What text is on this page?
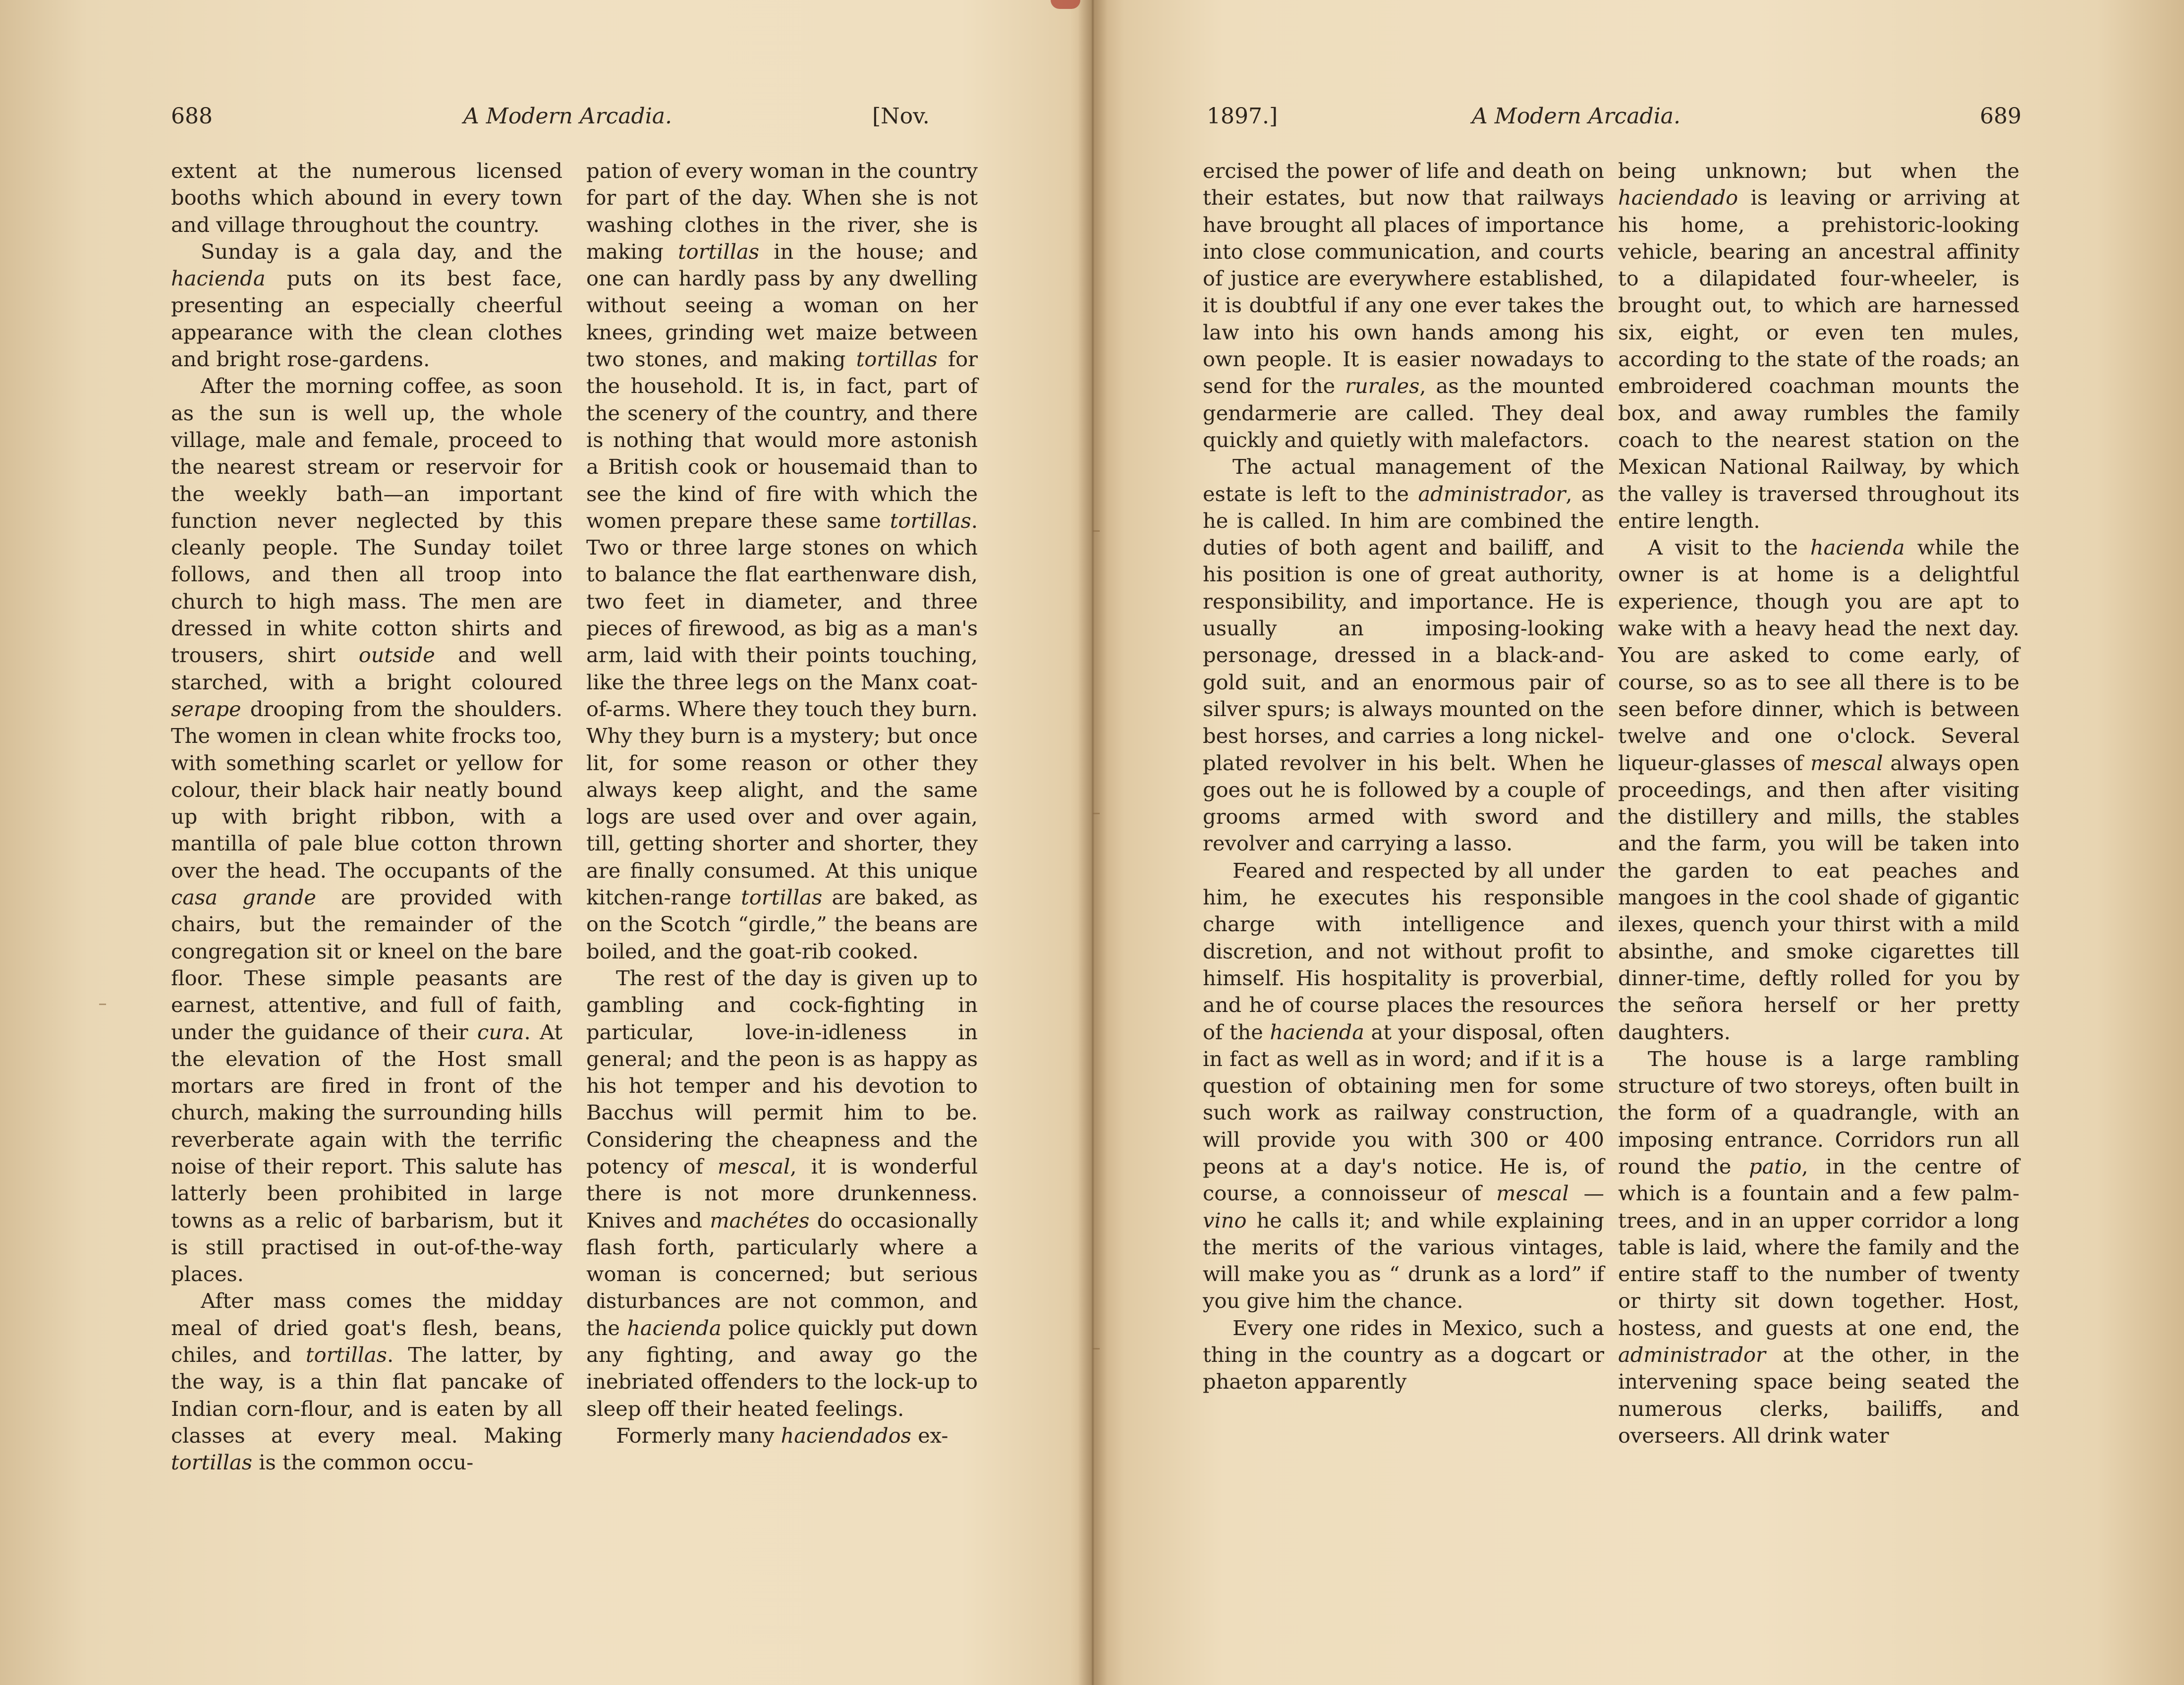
688	A Modern Arcadia.	[Nov.

extent at the numerous licensed booths which abound in every town and village throughout the country.

Sunday is a gala day, and the hacienda puts on its best face, presenting an especially cheerful appearance with the clean clothes and bright rose-gardens.

After the morning coffee, as soon as the sun is well up, the whole village, male and female, proceed to the nearest stream or reservoir for the weekly bath—an important function never neglected by this cleanly people. The Sunday toilet follows, and then all troop into church to high mass. The men are dressed in white cotton shirts and trousers, shirt outside and well starched, with a bright coloured serape drooping from the shoulders. The women in clean white frocks too, with something scarlet or yellow for colour, their black hair neatly bound up with bright ribbon, with a mantilla of pale blue cotton thrown over the head. The occupants of the casa grande are provided with chairs, but the remainder of the congregation sit or kneel on the bare floor. These simple peasants are earnest, attentive, and full of faith, under the guidance of their cura. At the elevation of the Host small mortars are fired in front of the church, making the surrounding hills reverberate again with the terrific noise of their report. This salute has latterly been prohibited in large towns as a relic of barbarism, but it is still practised in out-of-the-way places.

After mass comes the midday meal of dried goat's flesh, beans, chiles, and tortillas. The latter, by the way, is a thin flat pancake of Indian corn-flour, and is eaten by all classes at every meal. Making tortillas is the common occu-

pation of every woman in the country for part of the day. When she is not washing clothes in the river, she is making tortillas in the house; and one can hardly pass by any dwelling without seeing a woman on her knees, grinding wet maize between two stones, and making tortillas for the household. It is, in fact, part of the scenery of the country, and there is nothing that would more astonish a British cook or housemaid than to see the kind of fire with which the women prepare these same tortillas. Two or three large stones on which to balance the flat earthenware dish, two feet in diameter, and three pieces of firewood, as big as a man's arm, laid with their points touching, like the three legs on the Manx coat-of-arms. Where they touch they burn. Why they burn is a mystery; but once lit, for some reason or other they always keep alight, and the same logs are used over and over again, till, getting shorter and shorter, they are finally consumed. At this unique kitchen-range tortillas are baked, as on the Scotch “girdle,” the beans are boiled, and the goat-rib cooked.

The rest of the day is given up to gambling and cock-fighting in particular, love-in-idleness in general; and the peon is as happy as his hot temper and his devotion to Bacchus will permit him to be. Considering the cheapness and the potency of mescal, it is wonderful there is not more drunkenness. Knives and machétes do occasionally flash forth, particularly where a woman is concerned; but serious disturbances are not common, and the hacienda police quickly put down any fighting, and away go the inebriated offenders to the lock-up to sleep off their heated feelings.

Formerly many haciendados ex-

1897.]	A Modern Arcadia.	689

ercised the power of life and death on their estates, but now that railways have brought all places of importance into close communication, and courts of justice are everywhere established, it is doubtful if any one ever takes the law into his own hands among his own people. It is easier nowadays to send for the rurales, as the mounted gendarmerie are called. They deal quickly and quietly with malefactors.

The actual management of the estate is left to the administrador, as he is called. In him are combined the duties of both agent and bailiff, and his position is one of great authority, responsibility, and importance. He is usually an imposing-looking personage, dressed in a black-and-gold suit, and an enormous pair of silver spurs; is always mounted on the best horses, and carries a long nickel-plated revolver in his belt. When he goes out he is followed by a couple of grooms armed with sword and revolver and carrying a lasso.

Feared and respected by all under him, he executes his responsible charge with intelligence and discretion, and not without profit to himself. His hospitality is proverbial, and he of course places the resources of the hacienda at your disposal, often in fact as well as in word; and if it is a question of obtaining men for some such work as railway construction, will provide you with 300 or 400 peons at a day's notice. He is, of course, a connoisseur of mescal — vino he calls it; and while explaining the merits of the various vintages, will make you as “ drunk as a lord” if you give him the chance.

Every one rides in Mexico, such a thing in the country as a dogcart or phaeton apparently

being unknown; but when the haciendado is leaving or arriving at his home, a prehistoric-looking vehicle, bearing an ancestral affinity to a dilapidated four-wheeler, is brought out, to which are harnessed six, eight, or even ten mules, according to the state of the roads; an embroidered coachman mounts the box, and away rumbles the family coach to the nearest station on the Mexican National Railway, by which the valley is traversed throughout its entire length.

A visit to the hacienda while the owner is at home is a delightful experience, though you are apt to wake with a heavy head the next day. You are asked to come early, of course, so as to see all there is to be seen before dinner, which is between twelve and one o'clock. Several liqueur-glasses of mescal always open proceedings, and then after visiting the distillery and mills, the stables and the farm, you will be taken into the garden to eat peaches and mangoes in the cool shade of gigantic ilexes, quench your thirst with a mild absinthe, and smoke cigarettes till dinner-time, deftly rolled for you by the señora herself or her pretty daughters.

The house is a large rambling structure of two storeys, often built in the form of a quadrangle, with an imposing entrance. Corridors run all round the patio, in the centre of which is a fountain and a few palm-trees, and in an upper corridor a long table is laid, where the family and the entire staff to the number of twenty or thirty sit down together. Host, hostess, and guests at one end, the administrador at the other, in the intervening space being seated the numerous clerks, bailiffs, and overseers. All drink water
